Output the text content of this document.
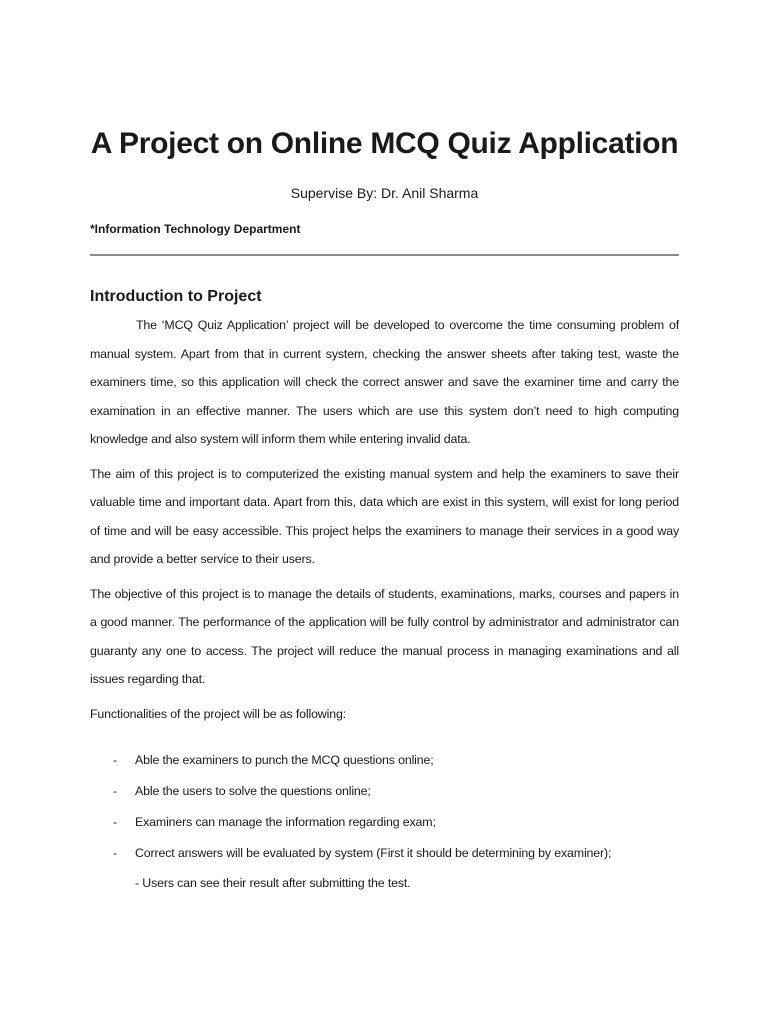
A Project on Online MCQ Quiz Application
Supervise By: Dr. Anil Sharma
*Information Technology Department
Introduction to Project

The ‘MCQ Quiz Application’ project will be developed to overcome the time consuming problem of manual system. Apart from that in current system, checking the answer sheets after taking test, waste the examiners time, so this application will check the correct answer and save the examiner time and carry the examination in an effective manner. The users which are use this system don’t need to high computing knowledge and also system will inform them while entering invalid data.

The aim of this project is to computerized the existing manual system and help the examiners to save their valuable time and important data. Apart from this, data which are exist in this system, will exist for long period of time and will be easy accessible. This project helps the examiners to manage their services in a good way and provide a better service to their users.

The objective of this project is to manage the details of students, examinations, marks, courses and papers in a good manner. The performance of the application will be fully control by administrator and administrator can guaranty any one to access. The project will reduce the manual process in managing examinations and all issues regarding that.

Functionalities of the project will be as following:

-	Able the examiners to punch the MCQ questions online;
-	Able the users to solve the questions online;
-	Examiners can manage the information regarding exam;
-	Correct answers will be evaluated by system (First it should be determining by examiner);
- Users can see their result after submitting the test.
